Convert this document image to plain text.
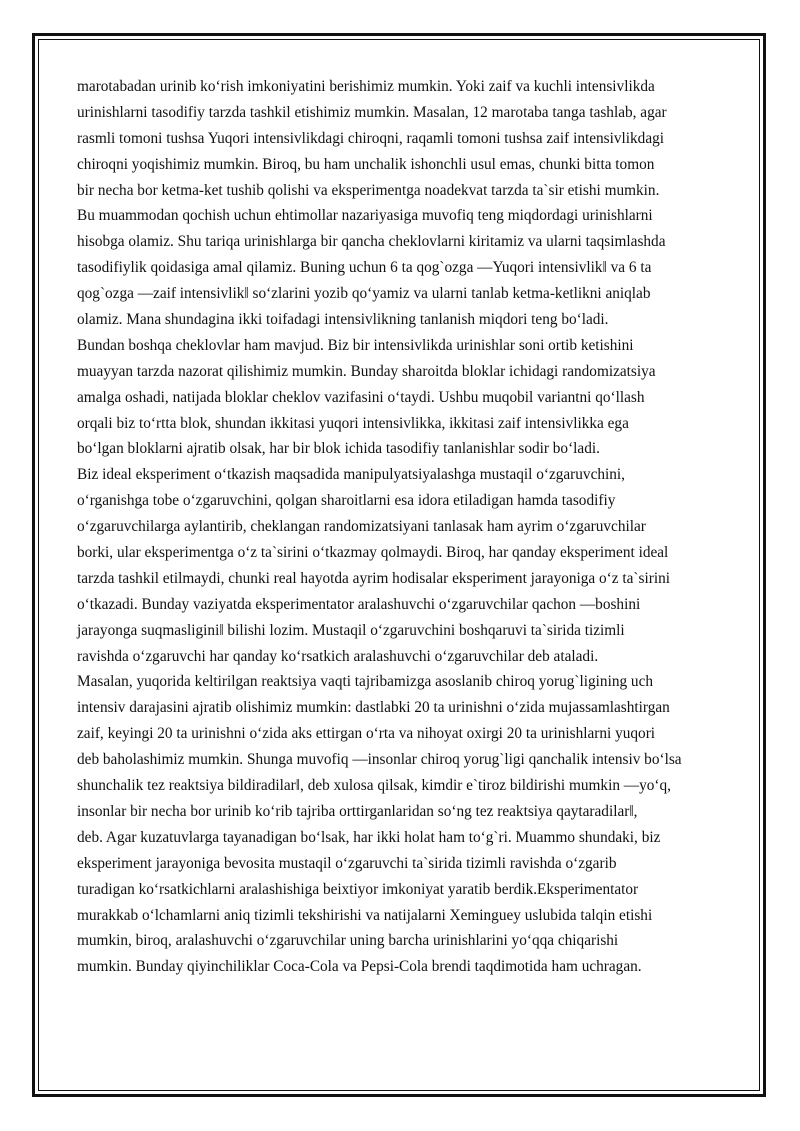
marotabadan urinib ko‘rish imkoniyatini berishimiz mumkin. Yoki zaif va kuchli intensivlikda
urinishlarni tasodifiy tarzda tashkil etishimiz mumkin. Masalan, 12 marotaba tanga tashlab, agar
rasmli tomoni tushsa Yuqori intensivlikdagi chiroqni, raqamli tomoni tushsa zaif intensivlikdagi
chiroqni yoqishimiz mumkin. Biroq, bu ham unchalik ishonchli usul emas, chunki bitta tomon
bir necha bor ketma-ket tushib qolishi va eksperimentga noadekvat tarzda ta`sir etishi mumkin.
Bu muammodan qochish uchun ehtimollar nazariyasiga muvofiq teng miqdordagi urinishlarni
hisobga olamiz. Shu tariqa urinishlarga bir qancha cheklovlarni kiritamiz va ularni taqsimlashda
tasodifiylik qoidasiga amal qilamiz. Buning uchun 6 ta qog`ozga ―Yuqori intensivlik‖ va 6 ta
qog`ozga ―zaif intensivlik‖ so‘zlarini yozib qo‘yamiz va ularni tanlab ketma-ketlikni aniqlab
olamiz. Mana shundagina ikki toifadagi intensivlikning tanlanish miqdori teng bo‘ladi.
Bundan boshqa cheklovlar ham mavjud. Biz bir intensivlikda urinishlar soni ortib ketishini
muayyan tarzda nazorat qilishimiz mumkin. Bunday sharoitda bloklar ichidagi randomizatsiya
amalga oshadi, natijada bloklar cheklov vazifasini o‘taydi. Ushbu muqobil variantni qo‘llash
orqali biz to‘rtta blok, shundan ikkitasi yuqori intensivlikka, ikkitasi zaif intensivlikka ega
bo‘lgan bloklarni ajratib olsak, har bir blok ichida tasodifiy tanlanishlar sodir bo‘ladi.
Biz ideal eksperiment o‘tkazish maqsadida manipulyatsiyalashga mustaqil o‘zgaruvchini,
o‘rganishga tobe o‘zgaruvchini, qolgan sharoitlarni esa idora etiladigan hamda tasodifiy
o‘zgaruvchilarga aylantirib, cheklangan randomizatsiyani tanlasak ham ayrim o‘zgaruvchilar
borki, ular eksperimentga o‘z ta`sirini o‘tkazmay qolmaydi. Biroq, har qanday eksperiment ideal
tarzda tashkil etilmaydi, chunki real hayotda ayrim hodisalar eksperiment jarayoniga o‘z ta`sirini
o‘tkazadi. Bunday vaziyatda eksperimentator aralashuvchi o‘zgaruvchilar qachon ―boshini
jarayonga suqmasligini‖ bilishi lozim. Mustaqil o‘zgaruvchini boshqaruvi ta`sirida tizimli
ravishda o‘zgaruvchi har qanday ko‘rsatkich aralashuvchi o‘zgaruvchilar deb ataladi.
Masalan, yuqorida keltirilgan reaktsiya vaqti tajribamizga asoslanib chiroq yorug`ligining uch
intensiv darajasini ajratib olishimiz mumkin: dastlabki 20 ta urinishni o‘zida mujassamlashtirgan
zaif, keyingi 20 ta urinishni o‘zida aks ettirgan o‘rta va nihoyat oxirgi 20 ta urinishlarni yuqori
deb baholashimiz mumkin. Shunga muvofiq ―insonlar chiroq yorug`ligi qanchalik intensiv bo‘lsa
shunchalik tez reaktsiya bildiradilar‖, deb xulosa qilsak, kimdir e`tiroz bildirishi mumkin ―yo‘q,
insonlar bir necha bor urinib ko‘rib tajriba orttirganlaridan so‘ng tez reaktsiya qaytaradilar‖,
deb. Agar kuzatuvlarga tayanadigan bo‘lsak, har ikki holat ham to‘g`ri. Muammo shundaki, biz
eksperiment jarayoniga bevosita mustaqil o‘zgaruvchi ta`sirida tizimli ravishda o‘zgarib
turadigan ko‘rsatkichlarni aralashishiga beixtiyor imkoniyat yaratib berdik.Eksperimentator
murakkab o‘lchamlarni aniq tizimli tekshirishi va natijalarni Xeminguey uslubida talqin etishi
mumkin, biroq, aralashuvchi o‘zgaruvchilar uning barcha urinishlarini yo‘qqa chiqarishi
mumkin. Bunday qiyinchiliklar Coca-Cola va Pepsi-Cola brendi taqdimotida ham uchragan.
